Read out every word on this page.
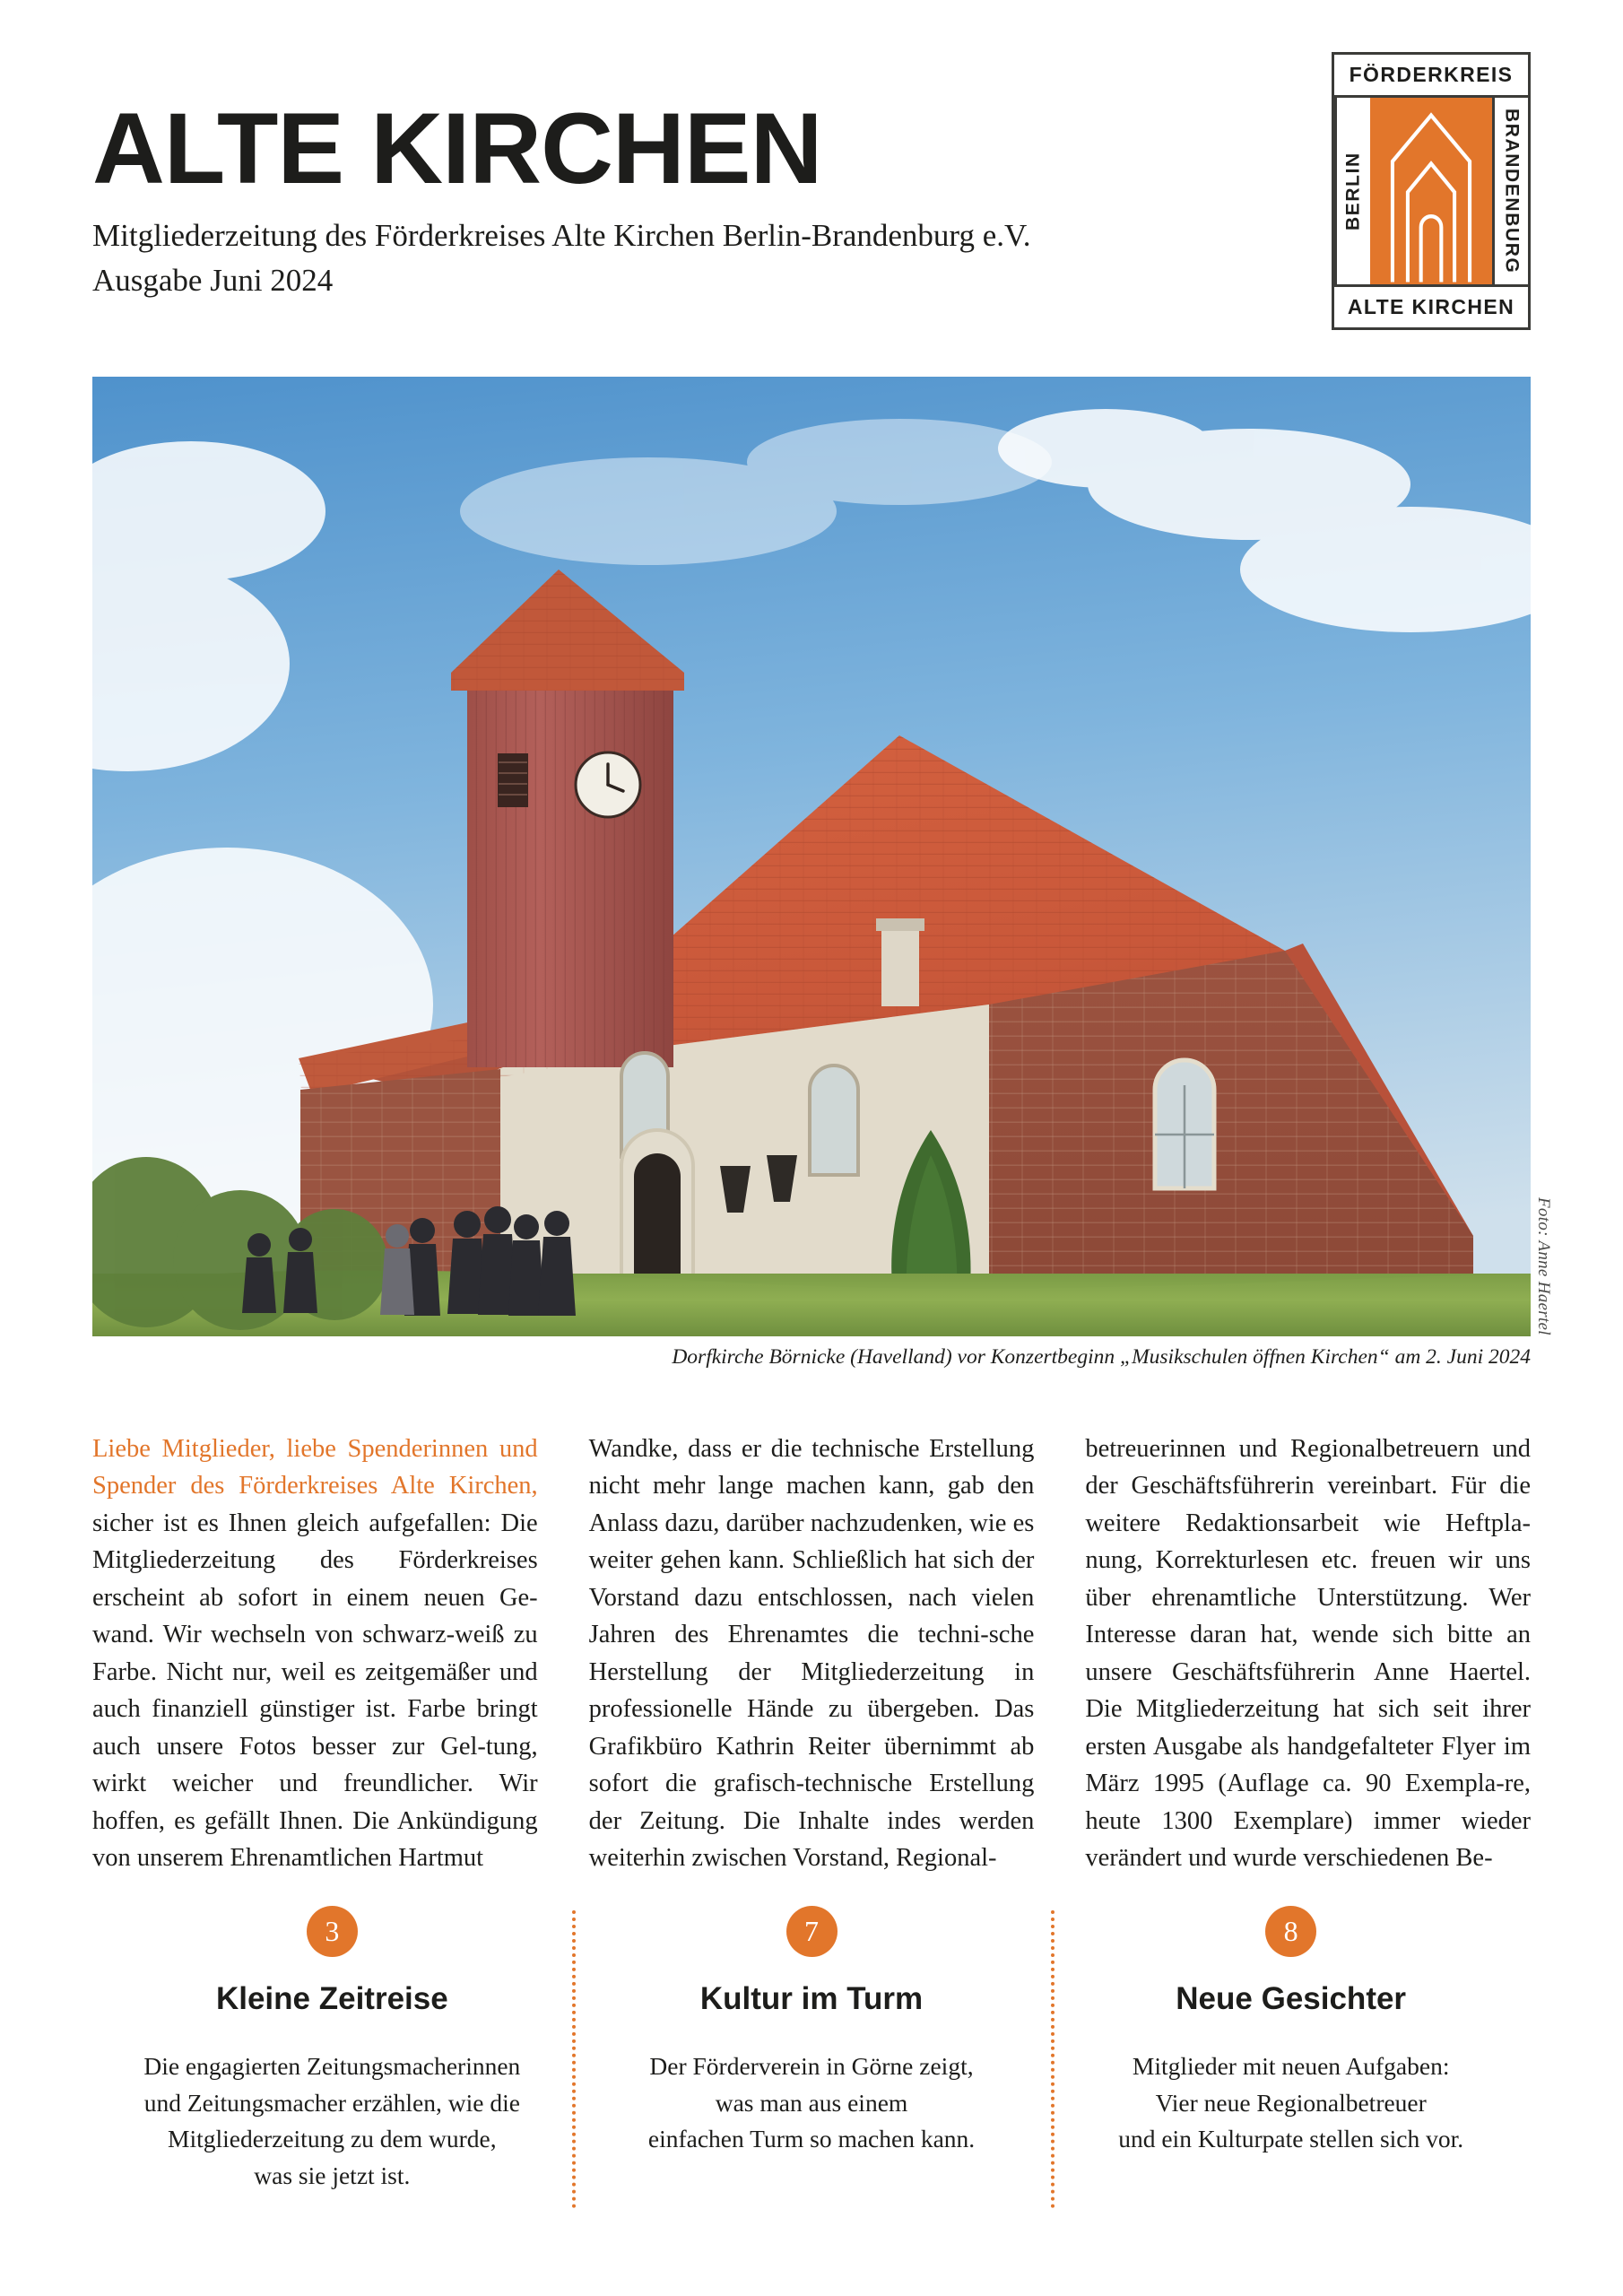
ALTE KIRCHEN
Mitgliederzeitung des Förderkreises Alte Kirchen Berlin-Brandenburg e.V.
Ausgabe Juni 2024
FÖRDERKREIS
BERLIN	BRANDENBURG
ALTE KIRCHEN
Foto: Anne Haertel
Dorfkirche Börnicke (Havelland) vor Konzertbeginn „Musikschulen öffnen Kirchen“ am 2. Juni 2024
Liebe Mitglieder, liebe Spenderinnen und Spender des Förderkreises Alte Kirchen, sicher ist es Ihnen gleich aufgefallen: Die Mitgliederzeitung des Förderkreises erscheint ab sofort in einem neuen Ge-wand. Wir wechseln von schwarz-weiß zu Farbe. Nicht nur, weil es zeitgemäßer und auch finanziell günstiger ist. Farbe bringt auch unsere Fotos besser zur Gel-tung, wirkt weicher und freundlicher. Wir hoffen, es gefällt Ihnen. Die Ankündigung von unserem Ehrenamtlichen Hartmut
Wandke, dass er die technische Erstellung nicht mehr lange machen kann, gab den Anlass dazu, darüber nachzudenken, wie es weiter gehen kann. Schließlich hat sich der Vorstand dazu entschlossen, nach vielen Jahren des Ehrenamtes die techni-sche Herstellung der Mitgliederzeitung in professionelle Hände zu übergeben. Das Grafikbüro Kathrin Reiter übernimmt ab sofort die grafisch-technische Erstellung der Zeitung. Die Inhalte indes werden weiterhin zwischen Vorstand, Regional-
betreuerinnen und Regionalbetreuern und der Geschäftsführerin vereinbart. Für die weitere Redaktionsarbeit wie Heftpla-nung, Korrekturlesen etc. freuen wir uns über ehrenamtliche Unterstützung. Wer Interesse daran hat, wende sich bitte an unsere Geschäftsführerin Anne Haertel. Die Mitgliederzeitung hat sich seit ihrer ersten Ausgabe als handgefalteter Flyer im März 1995 (Auflage ca. 90 Exempla-re, heute 1300 Exemplare) immer wieder verändert und wurde verschiedenen Be-
3
Kleine Zeitreise
Die engagierten Zeitungsmacherinnen
und Zeitungsmacher erzählen, wie die
Mitgliederzeitung zu dem wurde,
was sie jetzt ist.
7
Kultur im Turm
Der Förderverein in Görne zeigt,
was man aus einem
einfachen Turm so machen kann.
8
Neue Gesichter
Mitglieder mit neuen Aufgaben:
Vier neue Regionalbetreuer
und ein Kulturpate stellen sich vor.
